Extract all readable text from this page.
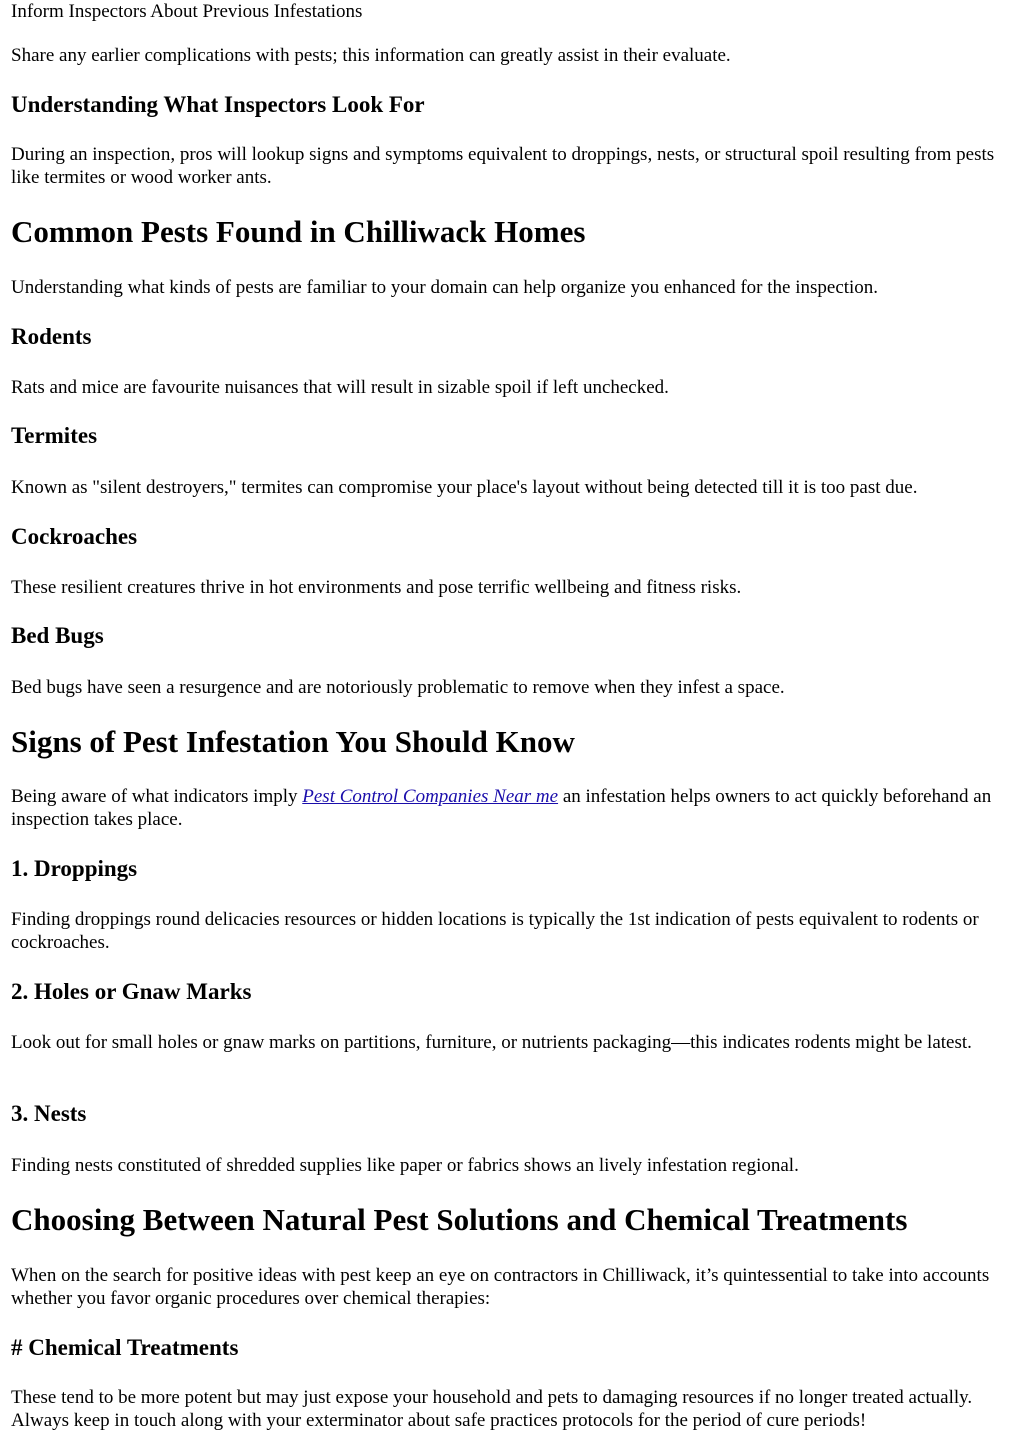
Inform Inspectors About Previous Infestations

Share any earlier complications with pests; this information can greatly assist in their evaluate.

Understanding What Inspectors Look For

During an inspection, pros will lookup signs and symptoms equivalent to droppings, nests, or structural spoil resulting from pests like termites or wood worker ants.

Common Pests Found in Chilliwack Homes

Understanding what kinds of pests are familiar to your domain can help organize you enhanced for the inspection.

Rodents

Rats and mice are favourite nuisances that will result in sizable spoil if left unchecked.

Termites

Known as "silent destroyers," termites can compromise your place's layout without being detected till it is too past due.

Cockroaches

These resilient creatures thrive in hot environments and pose terrific wellbeing and fitness risks.

Bed Bugs

Bed bugs have seen a resurgence and are notoriously problematic to remove when they infest a space.

Signs of Pest Infestation You Should Know

Being aware of what indicators imply Pest Control Companies Near me an infestation helps owners to act quickly beforehand an inspection takes place.

1. Droppings

Finding droppings round delicacies resources or hidden locations is typically the 1st indication of pests equivalent to rodents or cockroaches.

2. Holes or Gnaw Marks

Look out for small holes or gnaw marks on partitions, furniture, or nutrients packaging—this indicates rodents might be latest.

3. Nests

Finding nests constituted of shredded supplies like paper or fabrics shows an lively infestation regional.

Choosing Between Natural Pest Solutions and Chemical Treatments

When on the search for positive ideas with pest keep an eye on contractors in Chilliwack, it’s quintessential to take into accounts whether you favor organic procedures over chemical therapies:

# Chemical Treatments

These tend to be more potent but may just expose your household and pets to damaging resources if no longer treated actually. Always keep in touch along with your exterminator about safe practices protocols for the period of cure periods!
